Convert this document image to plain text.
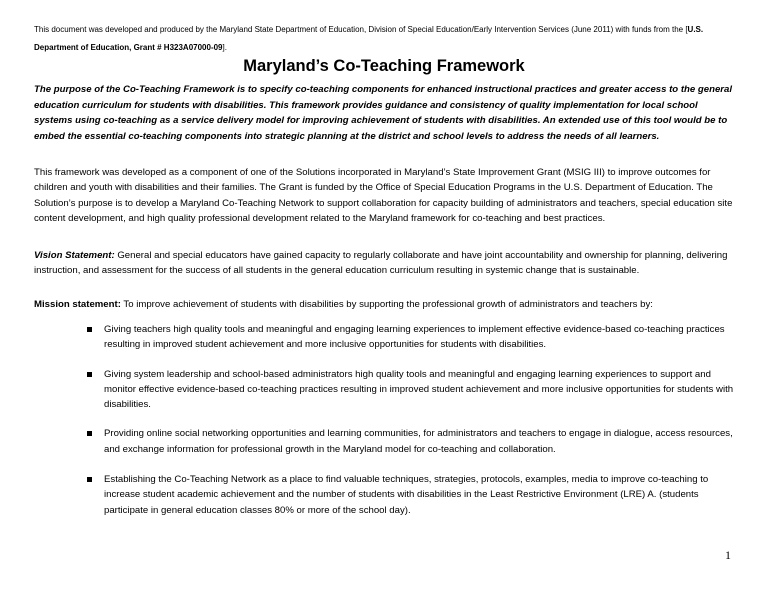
This document was developed and produced by the Maryland State Department of Education, Division of Special Education/Early Intervention Services (June 2011) with funds from the [U.S. Department of Education, Grant # H323A07000-09].
Maryland’s Co-Teaching Framework
The purpose of the Co-Teaching Framework is to specify co-teaching components for enhanced instructional practices and greater access to the general education curriculum for students with disabilities. This framework provides guidance and consistency of quality implementation for local school systems using co-teaching as a service delivery model for improving achievement of students with disabilities. An extended use of this tool would be to embed the essential co-teaching components into strategic planning at the district and school levels to address the needs of all learners.
This framework was developed as a component of one of the Solutions incorporated in Maryland’s State Improvement Grant (MSIG III) to improve outcomes for children and youth with disabilities and their families. The Grant is funded by the Office of Special Education Programs in the U.S. Department of Education. The Solution’s purpose is to develop a Maryland Co-Teaching Network to support collaboration for capacity building of administrators and teachers, special education site content development, and high quality professional development related to the Maryland framework for co-teaching and best practices.
Vision Statement: General and special educators have gained capacity to regularly collaborate and have joint accountability and ownership for planning, delivering instruction, and assessment for the success of all students in the general education curriculum resulting in systemic change that is sustainable.
Mission statement: To improve achievement of students with disabilities by supporting the professional growth of administrators and teachers by:
Giving teachers high quality tools and meaningful and engaging learning experiences to implement effective evidence-based co-teaching practices resulting in improved student achievement and more inclusive opportunities for students with disabilities.
Giving system leadership and school-based administrators high quality tools and meaningful and engaging learning experiences to support and monitor effective evidence-based co-teaching practices resulting in improved student achievement and more inclusive opportunities for students with disabilities.
Providing online social networking opportunities and learning communities, for administrators and teachers to engage in dialogue, access resources, and exchange information for professional growth in the Maryland model for co-teaching and collaboration.
Establishing the Co-Teaching Network as a place to find valuable techniques, strategies, protocols, examples, media to improve co-teaching to increase student academic achievement and the number of students with disabilities in the Least Restrictive Environment (LRE) A. (students participate in general education classes 80% or more of the school day).
1
